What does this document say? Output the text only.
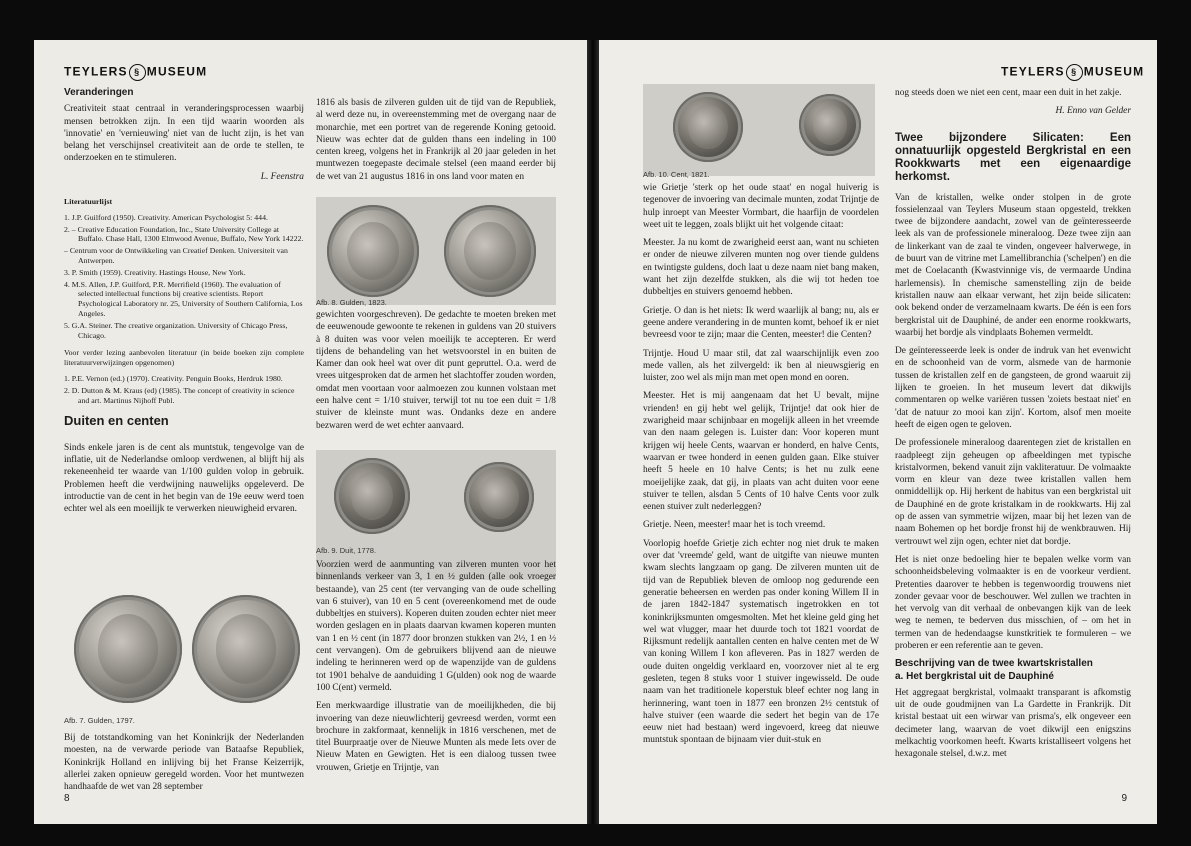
TEYLERS § MUSEUM
Veranderingen

Creativiteit staat centraal in veranderingsprocessen waarbij mensen betrokken zijn. In een tijd waarin woorden als 'innovatie' en 'vernieuwing' niet van de lucht zijn, is het van belang het verschijnsel creativiteit aan de orde te stellen, te onderzoeken en te stimuleren.

L. Feenstra
Literatuurlijst
1. J.P. Guilford (1950). Creativity. American Psychologist 5: 444.
2. – Creative Education Foundation, Inc., State University College at Buffalo. Chase Hall, 1300 Elmwood Avenue, Buffalo, New York 14222.
– Centrum voor de Ontwikkeling van Creatief Denken. Universiteit van Antwerpen.
3. P. Smith (1959). Creativity. Hastings House, New York.
4. M.S. Allen, J.P. Guilford, P.R. Merrifield (1960). The evaluation of selected intellectual functions bij creative scientists. Report Psychological Laboratory nr. 25, University of Southern California, Los Angeles.
5. G.A. Steiner. The creative organization. University of Chicago Press, Chicago.
Voor verder lezing aanbevolen literatuur (in beide boeken zijn complete literatuurverwijzingen opgenomen)
1. P.E. Vernon (ed.) (1970). Creativity. Penguin Books, Herdruk 1980.
2. D. Dutton & M. Kraus (ed) (1985). The concept of creativity in science and art. Martinus Nijhoff Publ.
Duiten en centen

Sinds enkele jaren is de cent als muntstuk, tengevolge van de inflatie, uit de Nederlandse omloop verdwenen, al blijft hij als rekeneenheid ter waarde van 1/100 gulden volop in gebruik. Problemen heeft die verdwijning nauwelijks opgeleverd. De introductie van de cent in het begin van de 19e eeuw werd toen echter wel als een moeilijk te verwerken nieuwigheid ervaren.

Afb. 7. Gulden, 1797.

Bij de totstandkoming van het Koninkrijk der Nederlanden moesten, na de verwarde periode van Bataafse Republiek, Koninkrijk Holland en inlijving bij het Franse Keizerrijk, allerlei zaken opnieuw geregeld worden. Voor het muntwezen handhaafde de wet van 28 september

1816 als basis de zilveren gulden uit de tijd van de Republiek, al werd deze nu, in overeenstemming met de overgang naar de monarchie, met een portret van de regerende Koning getooid. Nieuw was echter dat de gulden thans een indeling in 100 centen kreeg, volgens het in Frankrijk al 20 jaar geleden in het muntwezen toegepaste decimale stelsel (een maand eerder bij de wet van 21 augustus 1816 in ons land voor maten en

Afb. 8. Gulden, 1823.

gewichten voorgeschreven). De gedachte te moeten breken met de eeuwenoude gewoonte te rekenen in guldens van 20 stuivers à 8 duiten was voor velen moeilijk te accepteren. Er werd tijdens de behandeling van het wetsvoorstel in en buiten de Kamer dan ook heel wat over dit punt gepruttel. O.a. werd de vrees uitgesproken dat de armen het slachtoffer zouden worden, omdat men voortaan voor aalmoezen zou kunnen volstaan met een halve cent = 1/10 stuiver, terwijl tot nu toe een duit = 1/8 stuiver de kleinste munt was. Ondanks deze en andere bezwaren werd de wet echter aanvaard.

Afb. 9. Duit, 1778.

Voorzien werd de aanmunting van zilveren munten voor het binnenlands verkeer van 3, 1 en ½ gulden (alle ook vroeger bestaande), van 25 cent (ter vervanging van de oude schelling van 6 stuiver), van 10 en 5 cent (overeenkomend met de oude dubbeltjes en stuivers). Koperen duiten zouden echter niet meer worden geslagen en in plaats daarvan kwamen koperen munten van 1 en ½ cent (in 1877 door bronzen stukken van 2½, 1 en ½ cent vervangen). Om de gebruikers blijvend aan de nieuwe indeling te herinneren werd op de wapenzijde van de guldens tot 1901 behalve de aanduiding 1 G(ulden) ook nog de waarde 100 C(ent) vermeld.

Een merkwaardige illustratie van de moeilijkheden, die bij invoering van deze nieuwlichterij gevreesd werden, vormt een brochure in zakformaat, kennelijk in 1816 verschenen, met de titel Buurpraatje over de Nieuwe Munten als mede Iets over de Nieuw Maten en Gewigten. Het is een dialoog tussen twee vrouwen, Grietje en Trijntje, van

8
TEYLERS § MUSEUM
Afb. 10. Cent, 1821.

wie Grietje 'sterk op het oude staat' en nogal huiverig is tegenover de invoering van decimale munten, zodat Trijntje de hulp inroept van Meester Vormbart, die haarfijn de voordelen weet uit te leggen, zoals blijkt uit het volgende citaat:

Meester. Ja nu komt de zwarigheid eerst aan, want nu schieten er onder de nieuwe zilveren munten nog over tiende guldens en twintigste guldens, doch laat u deze naam niet bang maken, want het zijn dezelfde stukken, als die wij tot heden toe dubbeltjes en stuivers genoemd hebben.

Grietje. O dan is het niets: Ik werd waarlijk al bang; nu, als er geene andere verandering in de munten komt, behoef ik er niet bevreesd voor te zijn; maar die Centen, meester! die Centen?

Trijntje. Houd U maar stil, dat zal waarschijnlijk even zoo mede vallen, als het zilvergeld: ik ben al nieuwsgierig en luister, zoo wel als mijn man met open mond en ooren.

Meester. Het is mij aangenaam dat het U bevalt, mijne vrienden! en gij hebt wel gelijk, Trijntje! dat ook hier de zwarigheid maar schijnbaar en mogelijk alleen in het vreemde van den naam gelegen is. Luister dan: Voor koperen munt krijgen wij heele Cents, waarvan er honderd, en halve Cents, waarvan er twee honderd in eenen gulden gaan. Elke stuiver heeft 5 heele en 10 halve Cents; is het nu zulk eene moeijelijke zaak, dat gij, in plaats van acht duiten voor eene stuiver te tellen, alsdan 5 Cents of 10 halve Cents voor zulk eenen stuiver zult nederleggen?

Grietje. Neen, meester! maar het is toch vreemd.

Voorlopig hoefde Grietje zich echter nog niet druk te maken over dat 'vreemde' geld, want de uitgifte van nieuwe munten kwam slechts langzaam op gang. De zilveren munten uit de tijd van de Republiek bleven de omloop nog gedurende een generatie beheersen en werden pas onder koning Willem II in de jaren 1842-1847 systematisch ingetrokken en tot koninkrijksmunten omgesmolten. Met het kleine geld ging het wel wat vlugger, maar het duurde toch tot 1821 voordat de Rijksmunt redelijk aantallen centen en halve centen met de W van koning Willem I kon afleveren. Pas in 1827 werden de oude duiten ongeldig verklaard en, voorzover niet al te erg gesleten, tegen 8 stuks voor 1 stuiver ingewisseld. De oude naam van het traditionele koperstuk bleef echter nog lang in herinnering, want toen in 1877 een bronzen 2½ centstuk of halve stuiver (een waarde die sedert het begin van de 17e eeuw niet had bestaan) werd ingevoerd, kreeg dat nieuwe muntstuk spontaan de bijnaam vier duit-stuk en

nog steeds doen we niet een cent, maar een duit in het zakje.

H. Enno van Gelder
Twee bijzondere Silicaten: Een onnatuurlijk opgesteld Bergkristal en een Rookkwarts met een eigenaardige herkomst.

Van de kristallen, welke onder stolpen in de grote fossielenzaal van Teylers Museum staan opgesteld, trekken twee de bijzondere aandacht, zowel van de geïnteresseerde leek als van de professionele mineraloog. Deze twee zijn aan de linkerkant van de zaal te vinden, ongeveer halverwege, in de buurt van de vitrine met Lamellibranchia ('schelpen') en die met de Coelacanth (Kwastvinnige vis, de vermaarde Undina harlemensis). In chemische samenstelling zijn de beide kristallen nauw aan elkaar verwant, het zijn beide silicaten: ook bekend onder de verzamelnaam kwarts. De één is een fors bergkristal uit de Dauphiné, de ander een enorme rookkwarts, waarbij het bordje als vindplaats Bohemen vermeldt.

De geïnteresseerde leek is onder de indruk van het evenwicht en de schoonheid van de vorm, alsmede van de harmonie tussen de kristallen zelf en de gangsteen, de grond waaruit zij lijken te groeien. In het museum levert dat dikwijls commentaren op welke variëren tussen 'zoiets bestaat niet' en 'dat de natuur zo mooi kan zijn'. Kortom, alsof men moeite heeft de eigen ogen te geloven.

De professionele mineraloog daarentegen ziet de kristallen en raadpleegt zijn geheugen op afbeeldingen met typische kristalvormen, bekend vanuit zijn vakliteratuur. De volmaakte vorm en kleur van deze twee kristallen vallen hem onmiddellijk op. Hij herkent de habitus van een bergkristal uit de Dauphiné en de grote kristalkam in de rookkwarts. Hij zal op de assen van symmetrie wijzen, maar bij het lezen van de naam Bohemen op het bordje fronst hij de wenkbrauwen. Hij vertrouwt wel zijn ogen, echter niet dat bordje.

Het is niet onze bedoeling hier te bepalen welke vorm van schoonheidsbeleving volmaakter is en de voorkeur verdient. Pretenties daarover te hebben is tegenwoordig trouwens niet zonder gevaar voor de beschouwer. Wel zullen we trachten in het vervolg van dit verhaal de onbevangen kijk van de leek weg te nemen, te bederven dus misschien, of – om het in termen van de hedendaagse kunstkritiek te formuleren – we proberen er een referentie aan te geven.

Beschrijving van de twee kwartskristallen
a. Het bergkristal uit de Dauphiné

Het aggregaat bergkristal, volmaakt transparant is afkomstig uit de oude goudmijnen van La Gardette in Frankrijk. Dit kristal bestaat uit een wirwar van prisma's, elk ongeveer een decimeter lang, waarvan de voet dikwijl een enigszins melkachtig voorkomen heeft. Kwarts kristalliseert volgens het hexagonale stelsel, d.w.z. met

9
